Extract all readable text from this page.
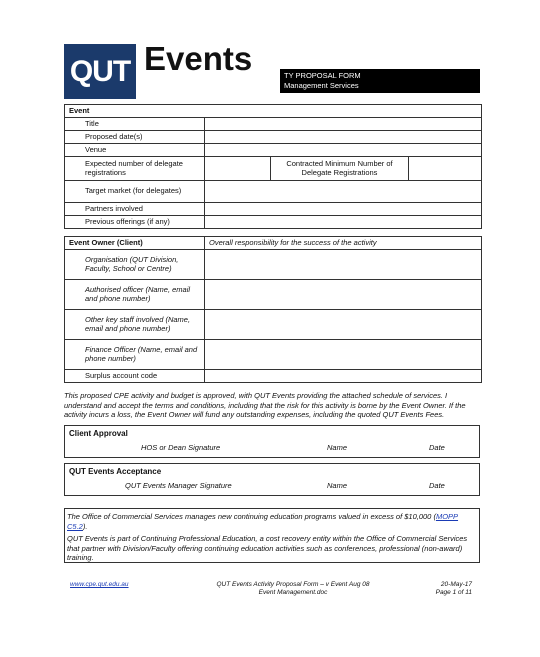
QUT Events	TY PROPOSAL FORM
Management Services
Event			
Title			
Proposed date(s)			
Venue			
Expected number of delegate registrations		Contracted Minimum Number of Delegate Registrations	
Target market (for delegates)			
Partners involved			
Previous offerings (if any)			
Event Owner (Client)	Overall responsibility for the success of the activity
Organisation (QUT Division, Faculty, School or Centre)	
Authorised officer (Name, email and phone number)	
Other key staff involved (Name, email and phone number)	
Finance Officer (Name, email and phone number)	
Surplus account code	
This proposed CPE activity and budget is approved, with QUT Events providing the attached schedule of services. I understand and accept the terms and conditions, including that the risk for this activity is borne by the Event Owner. If the activity incurs a loss, the Event Owner will fund any outstanding expenses, including the quoted QUT Events Fees.
Client Approval
HOS or Dean Signature	Name	Date
QUT Events Acceptance
QUT Events Manager Signature	Name	Date
The Office of Commercial Services manages new continuing education programs valued in excess of $10,000 (MOPP C5.2).
QUT Events is part of Continuing Professional Education, a cost recovery entity within the Office of Commercial Services that partner with Division/Faculty offering continuing education activities such as conferences, professional (non-award) training.
www.cpe.qut.edu.au	QUT Events Activity Proposal Form – v Event Aug 08
Event Management.doc
20-May-17
Page 1 of 11
